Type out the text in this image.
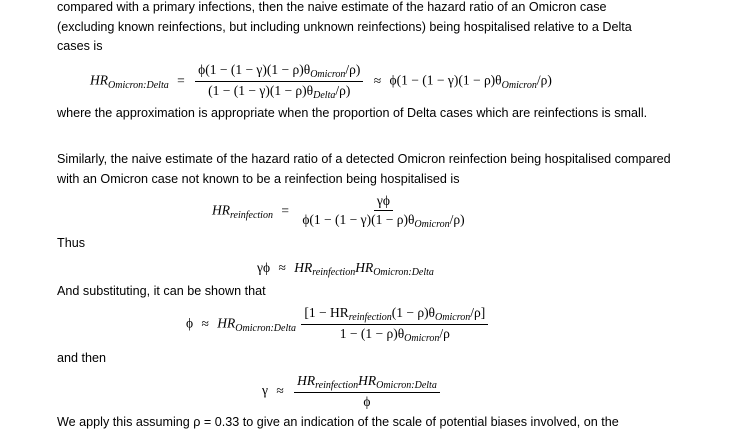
compared with a primary infections, then the naive estimate of the hazard ratio of an Omicron case
(excluding known reinfections, but including unknown reinfections) being hospitalised relative to a Delta
cases is
$HR_{Omicron:Delta} = \frac{\phi(1 - (1 - \gamma)(1 - \rho)\theta_{Omicron}/\rho)}{(1 - (1 - \gamma)(1 - \rho)\theta_{Delta}/\rho)} \approx \phi(1 - (1 - \gamma)(1 - \rho)\theta_{Omicron}/\rho)$
where the approximation is appropriate when the proportion of Delta cases which are reinfections is small.
Similarly, the naive estimate of the hazard ratio of a detected Omicron reinfection being hospitalised compared with an Omicron case not known to be a reinfection being hospitalised is
$HR_{reinfection} = \frac{\gamma\phi}{\phi(1 - (1 - \gamma)(1 - \rho)\theta_{Omicron}/\rho)}$
Thus
$\gamma\phi \approx HR_{reinfection}HR_{Omicron:Delta}$
And substituting, it can be shown that
$\phi \approx HR_{Omicron:Delta} \frac{[1 - HR_{reinfection}(1 - \rho)\theta_{Omicron}/\rho]}{1 - (1 - \rho)\theta_{Omicron}/\rho}$
and then
$\gamma \approx \frac{HR_{reinfection}HR_{Omicron:Delta}}{\phi}$
We apply this assuming ρ = 0.33 to give an indication of the scale of potential biases involved, on the
